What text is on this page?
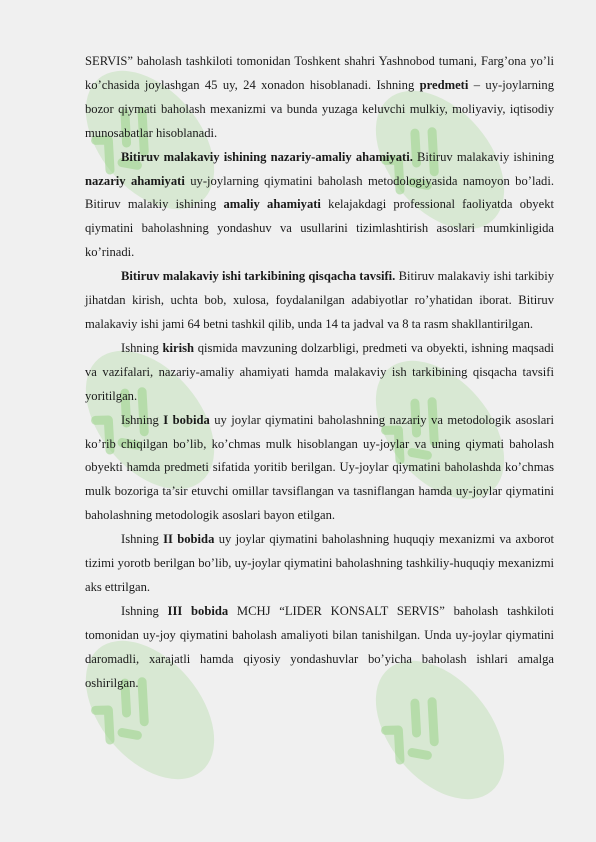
SERVIS” baholash tashkiloti tomonidan Toshkent shahri Yashnobod tumani, Farg’ona yo’li ko’chasida joylashgan 45 uy, 24 xonadon hisoblanadi. Ishning predmeti – uy-joylarning bozor qiymati baholash mexanizmi va bunda yuzaga keluvchi mulkiy, moliyaviy, iqtisodiy munosabatlar hisoblanadi.

Bitiruv malakaviy ishining nazariy-amaliy ahamiyati. Bitiruv malakaviy ishining nazariy ahamiyati uy-joylarning qiymatini baholash metodologiyasida namoyon bo’ladi. Bitiruv malakiy ishining amaliy ahamiyati kelajakdagi professional faoliyatda obyekt qiymatini baholashning yondashuv va usullarini tizimlashtirish asoslari mumkinligida ko’rinadi.

Bitiruv malakaviy ishi tarkibining qisqacha tavsifi. Bitiruv malakaviy ishi tarkibiy jihatdan kirish, uchta bob, xulosa, foydalanilgan adabiyotlar ro’yhatidan iborat. Bitiruv malakaviy ishi jami 64 betni tashkil qilib, unda 14 ta jadval va 8 ta rasm shakllantirilgan.

Ishning kirish qismida mavzuning dolzarbligi, predmeti va obyekti, ishning maqsadi va vazifalari, nazariy-amaliy ahamiyati hamda malakaviy ish tarkibining qisqacha tavsifi yoritilgan.

Ishning I bobida uy joylar qiymatini baholashning nazariy va metodologik asoslari ko’rib chiqilgan bo’lib, ko’chmas mulk hisoblangan uy-joylar va uning qiymati baholash obyekti hamda predmeti sifatida yoritib berilgan. Uy-joylar qiymatini baholashda ko’chmas mulk bozoriga ta’sir etuvchi omillar tavsiflangan va tasniflangan hamda uy-joylar qiymatini baholashning metodologik asoslari bayon etilgan.

Ishning II bobida uy joylar qiymatini baholashning huquqiy mexanizmi va axborot tizimi yorotb berilgan bo’lib, uy-joylar qiymatini baholashning tashkiliy-huquqiy mexanizmi aks ettrilgan.

Ishning III bobida MCHJ “LIDER KONSALT SERVIS” baholash tashkiloti tomonidan uy-joy qiymatini baholash amaliyoti bilan tanishilgan. Unda uy-joylar qiymatini daromadli, xarajatli hamda qiyosiy yondashuvlar bo’yicha baholash ishlari amalga oshirilgan.
